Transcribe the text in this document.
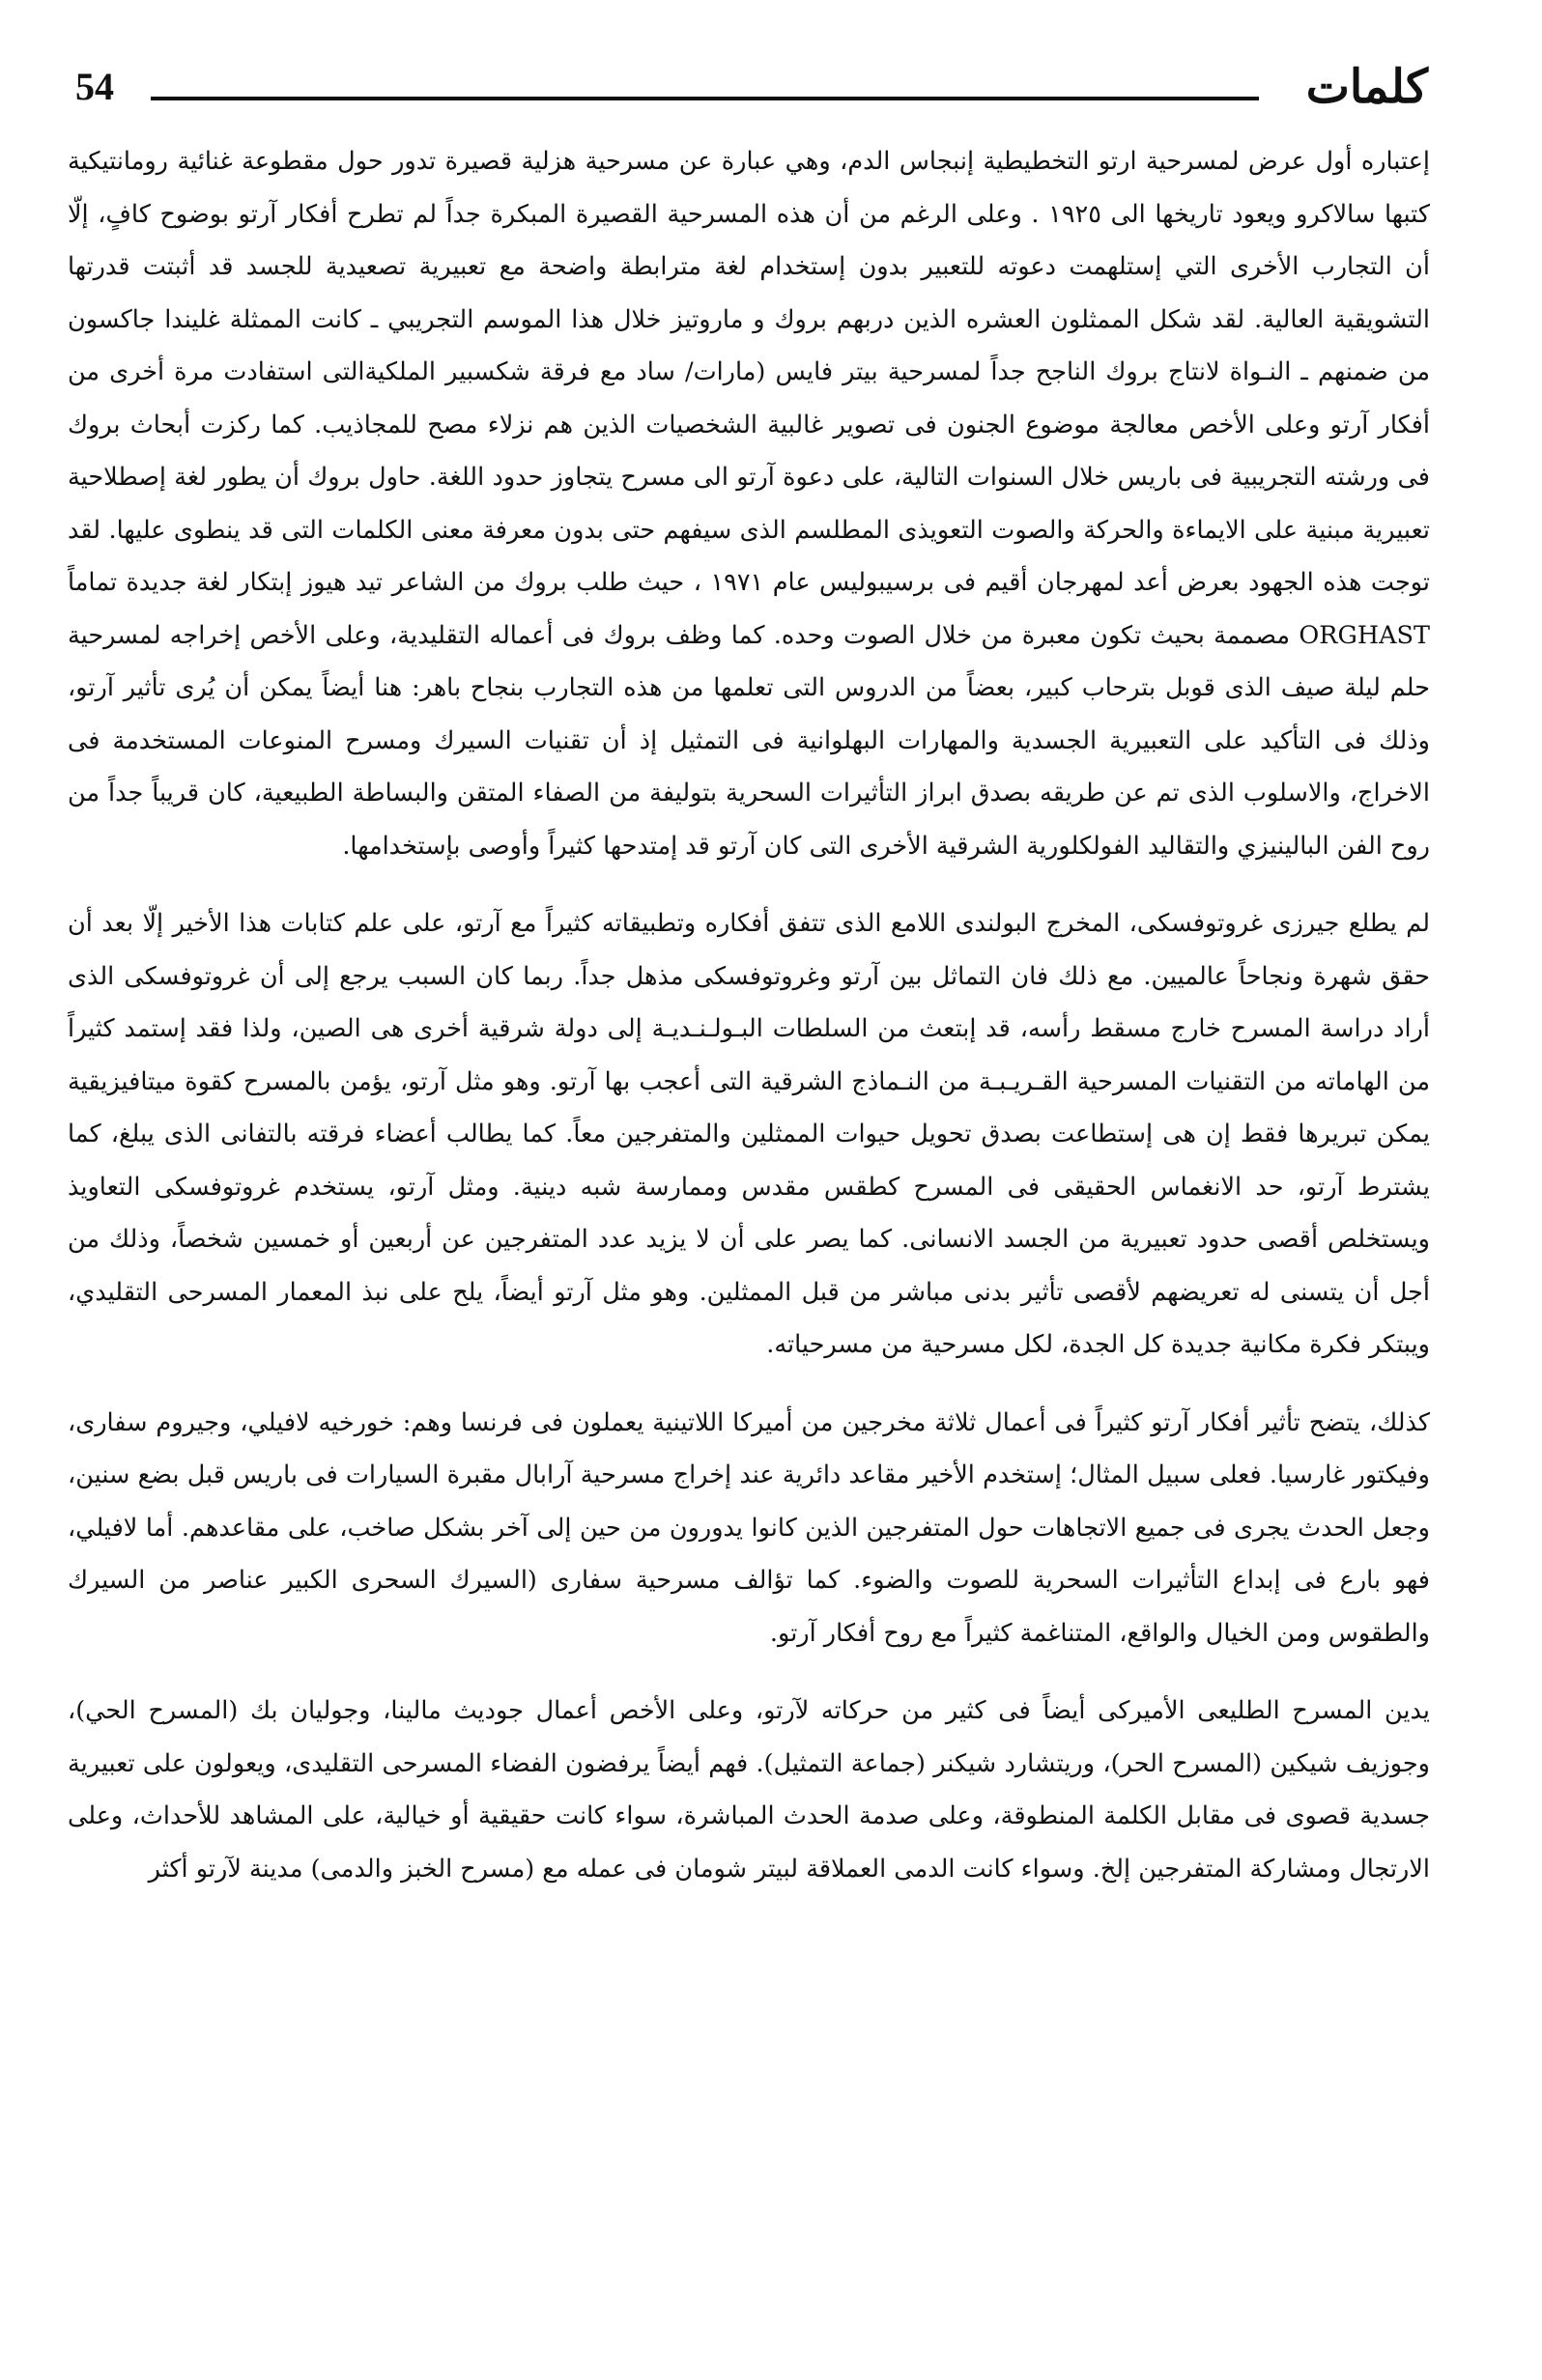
54	كلمات

إعتباره أول عرض لمسرحية ارتو التخطيطية إنبجاس الدم، وهي عبارة عن مسرحية هزلية قصيرة تدور حول مقطوعة غنائية رومانتيكية كتبها سالاكرو ويعود تاريخها الى ١٩٢٥ . وعلى الرغم من أن هذه المسرحية القصيرة المبكرة جداً لم تطرح أفكار آرتو بوضوح كافٍ، إلّا أن التجارب الأخرى التي إستلهمت دعوته للتعبير بدون إستخدام لغة مترابطة واضحة مع تعبيرية تصعيدية للجسد قد أثبتت قدرتها التشويقية العالية. لقد شكل الممثلون العشره الذين دربهم بروك و ماروتيز خلال هذا الموسم التجريبي ـ كانت الممثلة غليندا جاكسون من ضمنهم ـ النـواة لانتاج بروك الناجح جداً لمسرحية بيتر فايس (مارات/ ساد مع فرقة شكسبير الملكيةالتى استفادت مرة أخرى من أفكار آرتو وعلى الأخص معالجة موضوع الجنون فى تصوير غالبية الشخصيات الذين هم نزلاء مصح للمجاذيب. كما ركزت أبحاث بروك فى ورشته التجريبية فى باريس خلال السنوات التالية، على دعوة آرتو الى مسرح يتجاوز حدود اللغة. حاول بروك أن يطور لغة إصطلاحية تعبيرية مبنية على الايماءة والحركة والصوت التعويذى المطلسم الذى سيفهم حتى بدون معرفة معنى الكلمات التى قد ينطوى عليها. لقد توجت هذه الجهود بعرض أعد لمهرجان أقيم فى برسيبوليس عام ١٩٧١ ، حيث طلب بروك من الشاعر تيد هيوز إبتكار لغة جديدة تماماً ORGHAST مصممة بحيث تكون معبرة من خلال الصوت وحده. كما وظف بروك فى أعماله التقليدية، وعلى الأخص إخراجه لمسرحية حلم ليلة صيف الذى قوبل بترحاب كبير، بعضاً من الدروس التى تعلمها من هذه التجارب بنجاح باهر: هنا أيضاً يمكن أن يُرى تأثير آرتو، وذلك فى التأكيد على التعبيرية الجسدية والمهارات البهلوانية فى التمثيل إذ أن تقنيات السيرك ومسرح المنوعات المستخدمة فى الاخراج، والاسلوب الذى تم عن طريقه بصدق ابراز التأثيرات السحرية بتوليفة من الصفاء المتقن والبساطة الطبيعية، كان قريباً جداً من روح الفن البالينيزي والتقاليد الفولكلورية الشرقية الأخرى التى كان آرتو قد إمتدحها كثيراً وأوصى بإستخدامها.

لم يطلع جيرزى غروتوفسكى، المخرج البولندى اللامع الذى تتفق أفكاره وتطبيقاته كثيراً مع آرتو، على علم كتابات هذا الأخير إلّا بعد أن حقق شهرة ونجاحاً عالميين. مع ذلك فان التماثل بين آرتو وغروتوفسكى مذهل جداً. ربما كان السبب يرجع إلى أن غروتوفسكى الذى أراد دراسة المسرح خارج مسقط رأسه، قد إبتعث من السلطات البـولـنـديـة إلى دولة شرقية أخرى هى الصين، ولذا فقد إستمد كثيراً من الهاماته من التقنيات المسرحية القـريـبـة من النـماذج الشرقية التى أعجب بها آرتو. وهو مثل آرتو، يؤمن بالمسرح كقوة ميتافيزيقية يمكن تبريرها فقط إن هى إستطاعت بصدق تحويل حيوات الممثلين والمتفرجين معاً. كما يطالب أعضاء فرقته بالتفانى الذى يبلغ، كما يشترط آرتو، حد الانغماس الحقيقى فى المسرح كطقس مقدس وممارسة شبه دينية. ومثل آرتو، يستخدم غروتوفسكى التعاويذ ويستخلص أقصى حدود تعبيرية من الجسد الانسانى. كما يصر على أن لا يزيد عدد المتفرجين عن أربعين أو خمسين شخصاً، وذلك من أجل أن يتسنى له تعريضهم لأقصى تأثير بدنى مباشر من قبل الممثلين. وهو مثل آرتو أيضاً، يلح على نبذ المعمار المسرحى التقليدي، ويبتكر فكرة مكانية جديدة كل الجدة، لكل مسرحية من مسرحياته.

كذلك، يتضح تأثير أفكار آرتو كثيراً فى أعمال ثلاثة مخرجين من أميركا اللاتينية يعملون فى فرنسا وهم: خورخيه لافيلي، وجيروم سفارى، وفيكتور غارسيا. فعلى سبيل المثال؛ إستخدم الأخير مقاعد دائرية عند إخراج مسرحية آرابال مقبرة السيارات فى باريس قبل بضع سنين، وجعل الحدث يجرى فى جميع الاتجاهات حول المتفرجين الذين كانوا يدورون من حين إلى آخر بشكل صاخب، على مقاعدهم. أما لافيلي، فهو بارع فى إبداع التأثيرات السحرية للصوت والضوء. كما تؤالف مسرحية سفارى (السيرك السحرى الكبير عناصر من السيرك والطقوس ومن الخيال والواقع، المتناغمة كثيراً مع روح أفكار آرتو.

يدين المسرح الطليعى الأميركى أيضاً فى كثير من حركاته لآرتو، وعلى الأخص أعمال جوديث مالينا، وجوليان بك (المسرح الحي)، وجوزيف شيكين (المسرح الحر)، وريتشارد شيكنر (جماعة التمثيل). فهم أيضاً يرفضون الفضاء المسرحى التقليدى، ويعولون على تعبيرية جسدية قصوى فى مقابل الكلمة المنطوقة، وعلى صدمة الحدث المباشرة، سواء كانت حقيقية أو خيالية، على المشاهد للأحداث، وعلى الارتجال ومشاركة المتفرجين إلخ. وسواء كانت الدمى العملاقة لبيتر شومان فى عمله مع (مسرح الخبز والدمى) مدينة لآرتو أكثر
